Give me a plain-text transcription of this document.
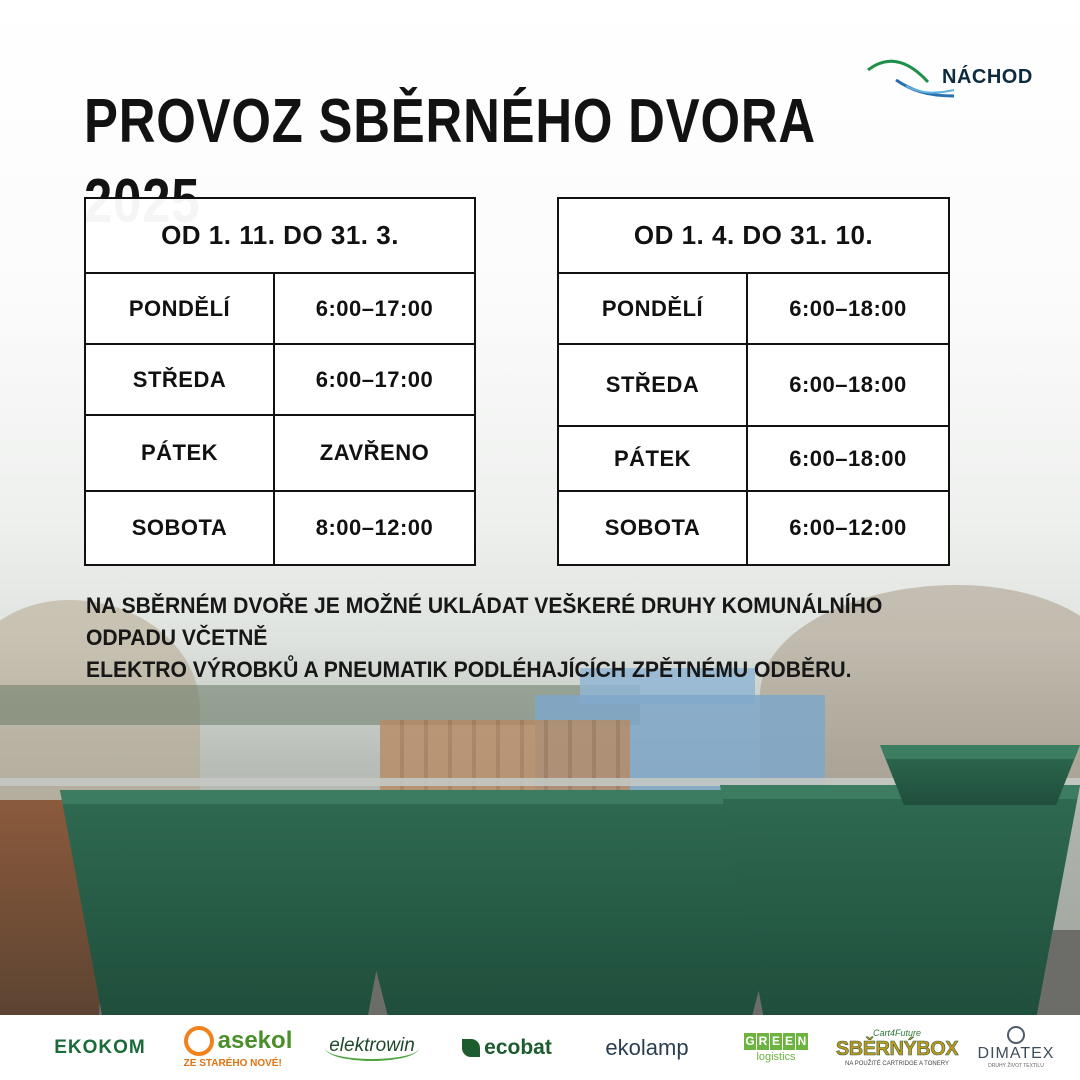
NÁCHOD
PROVOZ SBĚRNÉHO DVORA
OD 1. 11. DO 31. 3.
PONDĚLÍ	6:00–17:00
STŘEDA	6:00–17:00
PÁTEK	ZAVŘENO
SOBOTA	8:00–12:00
OD 1. 4. DO 31. 10.
PONDĚLÍ	6:00–18:00
STŘEDA	6:00–18:00
PÁTEK	6:00–18:00
SOBOTA	6:00–12:00
NA SBĚRNÉM DVOŘE JE MOŽNÉ UKLÁDAT VEŠKERÉ DRUHY KOMUNÁLNÍHO ODPADU VČETNĚ
ELEKTRO VÝROBKŮ A PNEUMATIK PODLÉHAJÍCÍCH ZPĚTNÉMU ODBĚRU.
EKOKOM	asekol
ZE STARÉHO NOVÉ!
elektrowin	ecobat ekolamp	G R E E N
logistics
Cart4Future
SBĚRNÝBOX
NA POUŽITÉ CARTRIDGE A TONERY
DIMATEX
DRUHÝ ŽIVOT TEXTILU
